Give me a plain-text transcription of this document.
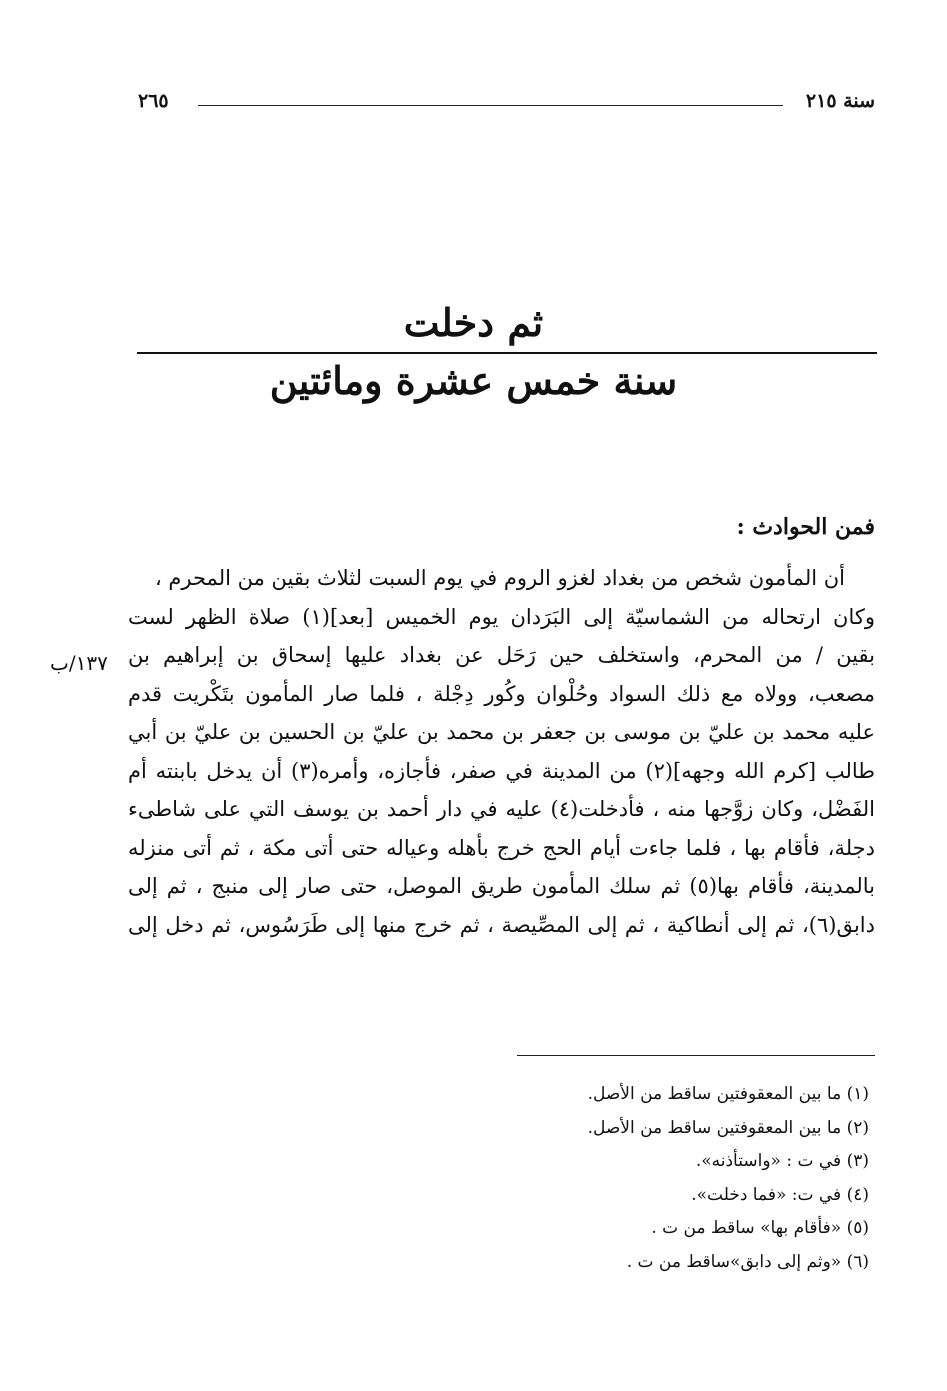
سنة ٢١٥
٢٦٥
ثم دخلت
سنة خمس عشرة ومائتين
فمن الحوادث :
أن المأمون شخص من بغداد لغزو الروم في يوم السبت لثلاث بقين من المحرم ،
وكان ارتحاله من الشماسيّة إلى البَرَدان يوم الخميس [بعد](١) صلاة الظهر لست
بقين / من المحرم، واستخلف حين رَحَل عن بغداد عليها إسحاق بن إبراهيم بن
مصعب، وولاه مع ذلك السواد وحُلْوان وكُور دِجْلة ، فلما صار المأمون بتَكْريت قدم
عليه محمد بن عليّ بن موسى بن جعفر بن محمد بن عليّ بن الحسين بن عليّ بن أبي
طالب [كرم الله وجهه](٢) من المدينة في صفر، فأجازه، وأمره(٣) أن يدخل بابنته أم
الفَضْل، وكان زوَّجها منه ، فأدخلت(٤) عليه في دار أحمد بن يوسف التي على شاطىء
دجلة، فأقام بها ، فلما جاءت أيام الحج خرج بأهله وعياله حتى أتى مكة ، ثم أتى منزله
بالمدينة، فأقام بها(٥) ثم سلك المأمون طريق الموصل، حتى صار إلى منبج ، ثم إلى
دابق(٦)، ثم إلى أنطاكية ، ثم إلى المصِّيصة ، ثم خرج منها إلى طَرَسُوس، ثم دخل إلى
١٣٧/ب
(١) ما بين المعقوفتين ساقط من الأصل.
(٢) ما بين المعقوفتين ساقط من الأصل.
(٣) في ت : «واستأذنه».
(٤) في ت: «فما دخلت».
(٥) «فأقام بها» ساقط من ت .
(٦) «وثم إلى دابق»ساقط من ت .
